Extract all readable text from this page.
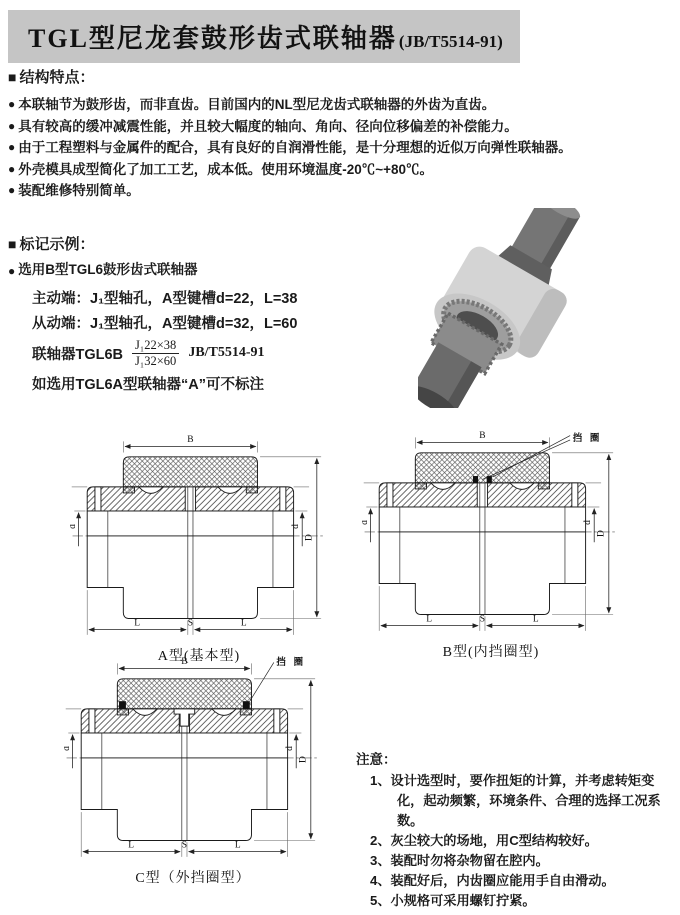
TGL型尼龙套鼓形齿式联轴器 (JB/T5514-91)
■ 结构特点：
● 本联轴节为鼓形齿，而非直齿。目前国内的NL型尼龙齿式联轴器的外齿为直齿。
● 具有较高的缓冲减震性能，并且较大幅度的轴向、角向、径向位移偏差的补偿能力。
● 由于工程塑料与金属件的配合，具有良好的自润滑性能，是十分理想的近似万向弹性联轴器。
● 外壳模具成型简化了加工工艺，成本低。使用环境温度-20℃~+80℃。
● 装配维修特别简单。
■ 标记示例：
● 选用B型TGL6鼓形齿式联轴器
主动端：J₁型轴孔，A型键槽d=22，L=38
从动端：J₁型轴孔，A型键槽d=32，L=60
联轴器$TGL6B \frac{\text{J₁22×38}}{\text{J₁32×60}} JB/T5514-91$
如选用TGL6A型联轴器“A”可不标注
A型(基本型)
挡 圈
B型(内挡圈型)
挡 圈
C型（外挡圈型）
注意：
1、设计选型时，要作扭矩的计算，并考虑转矩变化，起动频繁，环境条件、合理的选择工况系数。
2、灰尘较大的场地，用C型结构较好。
3、装配时勿将杂物留在腔内。
4、装配好后，内齿圈应能用手自由滑动。
5、小规格可采用螺钉拧紧。
